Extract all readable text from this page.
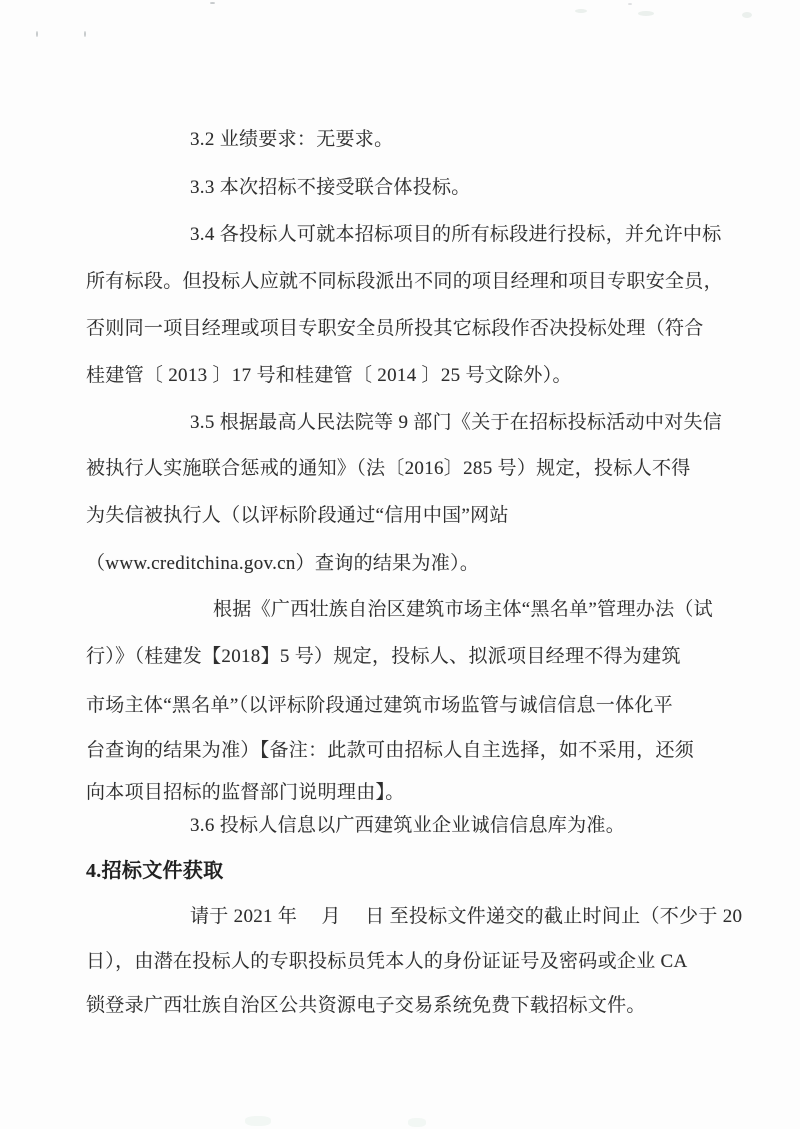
3.2 业绩要求：无要求。
3.3 本次招标不接受联合体投标。
3.4 各投标人可就本招标项目的所有标段进行投标，并允许中标
所有标段。但投标人应就不同标段派出不同的项目经理和项目专职安全员，
否则同一项目经理或项目专职安全员所投其它标段作否决投标处理（符合
桂建管〔 2013 〕17 号和桂建管〔 2014 〕25 号文除外）。
3.5 根据最高人民法院等 9 部门《关于在招标投标活动中对失信
被执行人实施联合惩戒的通知》（法〔2016〕285 号）规定，投标人不得
为失信被执行人（以评标阶段通过“信用中国”网站
（www.creditchina.gov.cn）查询的结果为准）。
根据《广西壮族自治区建筑市场主体“黑名单”管理办法（试
行）》（桂建发【2018】5 号）规定，投标人、拟派项目经理不得为建筑
市场主体“黑名单”（以评标阶段通过建筑市场监管与诚信信息一体化平
台查询的结果为准）【备注：此款可由招标人自主选择，如不采用，还须
向本项目招标的监督部门说明理由】。
3.6 投标人信息以广西建筑业企业诚信信息库为准。
4.招标文件获取
请于 2021 年　 月　 日 至投标文件递交的截止时间止（不少于 20
日），由潜在投标人的专职投标员凭本人的身份证证号及密码或企业 CA
锁登录广西壮族自治区公共资源电子交易系统免费下载招标文件。
